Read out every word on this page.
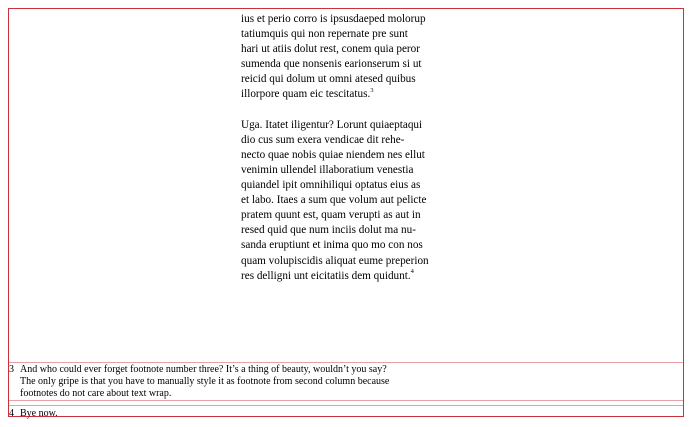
ius et perio corro is ipsusdaeped molorup
tatiumquis qui non repernate pre sunt
hari ut atiis dolut rest, conem quia peror
sumenda que nonsenis earionserum si ut
reicid qui dolum ut omni atesed quibus
illorpore quam eic tescitatus.$^3$

Uga. Itatet iligentur? Lorunt quiaeptaqui
dio cus sum exera vendicae dit rehe-
necto quae nobis quiae niendem nes ellut
venimin ullendel illaboratium venestia
quiandel ipit omnihiliqui optatus eius as
et labo. Itaes a sum que volum aut pelicte
pratem quunt est, quam verupti as aut in
resed quid que num inciis dolut ma nu-
sanda eruptiunt et inima quo mo con nos
quam volupiscidis aliquat eume preperion
res delligni unt eicitatiis dem quidunt.$^4$

3 And who could ever forget footnote number three? It’s a thing of beauty, wouldn’t you say?
The only gripe is that you have to manually style it as footnote from second column because
footnotes do not care about text wrap.
4 Bye now.
